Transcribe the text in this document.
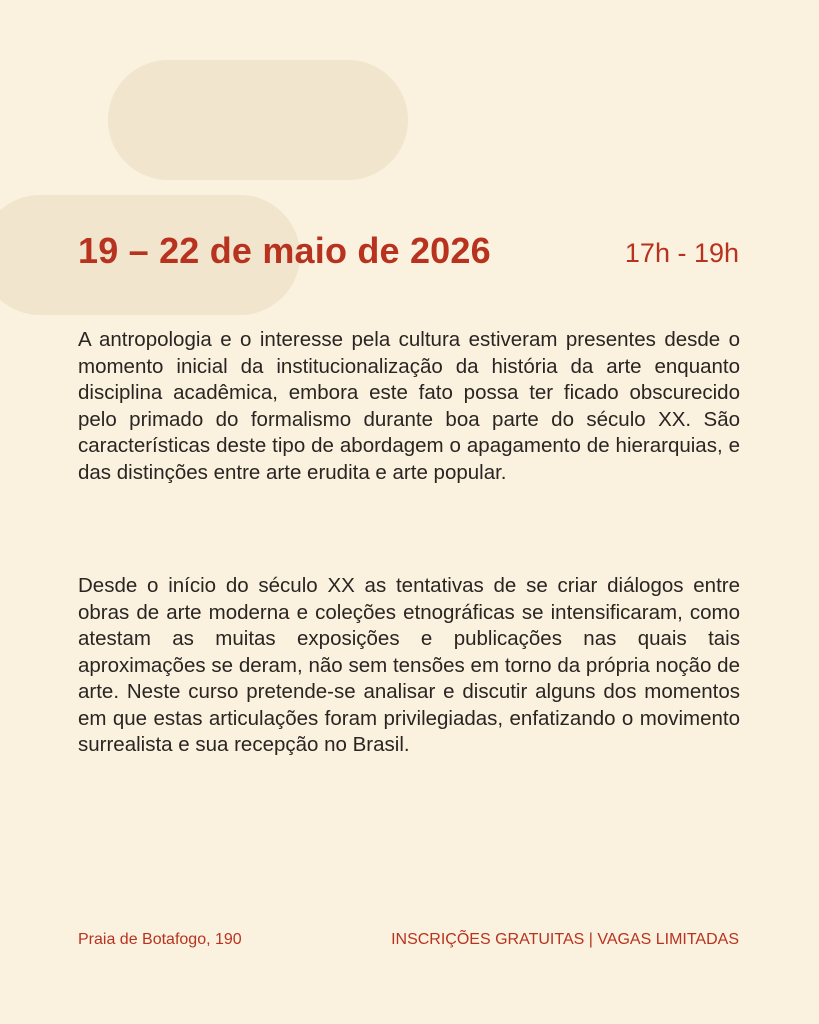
19 – 22 de maio de 2026	17h - 19h

A antropologia e o interesse pela cultura estiveram presentes desde o momento inicial da institucionalização da história da arte enquanto disciplina acadêmica, embora este fato possa ter ficado obscurecido pelo primado do formalismo durante boa parte do século XX. São características deste tipo de abordagem o apagamento de hierarquias, e das distinções entre arte erudita e arte popular.

Desde o início do século XX as tentativas de se criar diálogos entre obras de arte moderna e coleções etnográficas se intensificaram, como atestam as muitas exposições e publicações nas quais tais aproximações se deram, não sem tensões em torno da própria noção de arte. Neste curso pretende-se analisar e discutir alguns dos momentos em que estas articulações foram privilegiadas, enfatizando o movimento surrealista e sua recepção no Brasil.

Praia de Botafogo, 190	INSCRIÇÕES GRATUITAS | VAGAS LIMITADAS
